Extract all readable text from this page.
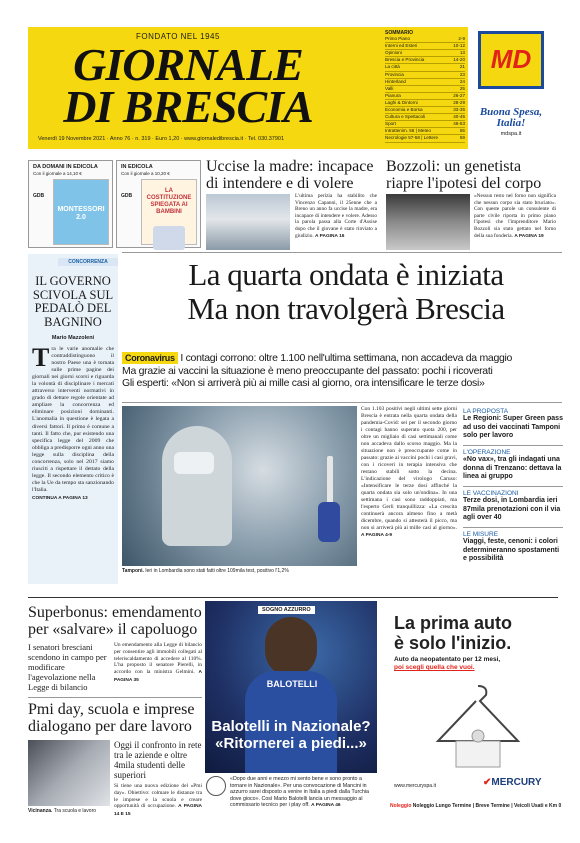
FONDATO NEL 1945
GIORNALE
DI BRESCIA
Venerdì 19 Novembre 2021 · Anno 76 · n. 319 · Euro 1,20 · www.giornaledibrescia.it · Tel. 030.37901
SOMMARIO
Primo Piano	2-9
Interni ed Esteri	10-12
Opinioni	13
Brescia e Provincia	14-20
La città	21
Provincia	23
Hinterland	24
Valli	25
Pianura	26-27
Laghi & Dintorni	28-29
Economia e Borsa	33-35
Cultura e Spettacoli	40-45
Sport	46-53
Intrattenim. 56 | Meteo	55
Necrologie 57-58 | Lettere	59
MD
Buona Spesa,
Italia!
mdspa.it
DA DOMANI IN EDICOLA
Con il giornale a 14,10 €
GDB
MONTESSORI 2.0
IN EDICOLA
Con il giornale a 10,20 €
GDB
LA COSTITUZIONE SPIEGATA AI BAMBINI
Uccise la madre: incapace di intendere e di volere
L'ultima perizia ha stabilito che Vincenzo Capanni, il 25enne che a Breno un anno fa uccise la madre, era incapace di intendere e volere. Adesso la parola passa alla Corte d'Assise dopo che il giovane è stato rinviato a giudizio. A PAGINA 16
Bozzoli: un genetista riapre l'ipotesi del corpo
«Nessun resto nel forno non significa che nessun corpo sia stato bruciato». Con queste parole un consulente di parte civile riporta in primo piano l'ipotesi che l'imprenditore Mario Bozzoli sia stato gettato nel forno della sua fonderia. A PAGINA 19
CONCORRENZA
IL GOVERNO SCIVOLA SUL PEDALÒ DEL BAGNINO
Mario Mazzoleni
Tra le varie anomalie che contraddistinguono il nostro Paese una è tornata sulle prime pagine dei giornali nei giorni scorsi e riguarda la volontà di disciplinare i mercati attraverso interventi normativi in grado di dettare regole orientate ad ampliare la concorrenza ed eliminare posizioni dominanti. L'anomalia in questione è legata a diversi fattori. Il primo è comune a tanti. Il fatto che, pur esistendo una specifica legge del 2009 che obbliga a predisporre ogni anno una legge sulla disciplina della concorrenza, solo nel 2017 siamo riusciti a rispettare il dettato della legge. Il secondo elemento critico è che la Ue da tempo sta sanzionando l'Italia.
CONTINUA A PAGINA 13
La quarta ondata è iniziata
Ma non travolgerà Brescia
Coronavirus I contagi corrono: oltre 1.100 nell'ultima settimana, non accadeva da maggio
Ma grazie ai vaccini la situazione è meno preoccupante del passato: pochi i ricoverati
Gli esperti: «Non si arriverà più ai mille casi al giorno, ora intensificare le terze dosi»
Tamponi. Ieri in Lombardia sono stati fatti oltre 109mila test, positivo l'1,2%
Con 1.103 positivi negli ultimi sette giorni Brescia è entrata nella quarta ondata della pandemia-Covid: sei per il secondo giorno i contagi hanno superato quota 200, per oltre un migliaio di casi settimanali come non accadeva dallo scorso maggio. Ma la situazione non è preoccupante come in passato: grazie ai vaccini pochi i casi gravi, con i ricoveri in terapia intensiva che restano stabili sotto la decina. L'indicazione del virologo Caruso: «Intensificare le terze dosi affinché la quarta ondata sia solo un'ondina». In una settimana i casi sono raddoppiati, ma l'esperto Gerli tranquillizza: «La crescita continuerà ancora almeno fino a metà dicembre, quando si attesterà il picco, ma non si arriverà più ai mille casi al giorno». A PAGINA 4-9
LA PROPOSTA
Le Regioni: Super Green pass ad uso dei vaccinati Tamponi solo per lavoro
L'OPERAZIONE
«No vax», tra gli indagati una donna di Trenzano: dettava la linea ai gruppo
LE VACCINAZIONI
Terze dosi, in Lombardia ieri 87mila prenotazioni con il via agli over 40
LE MISURE
Viaggi, feste, cenoni: i colori determineranno spostamenti e possibilità
Superbonus: emendamento per «salvare» il capoluogo
I senatori bresciani scendono in campo per modificare l'agevolazione nella Legge di bilancio
Un emendamento alla Legge di bilancio per consentire agli immobili collegati al teleriscaldamento di accedere al 110%. L'ha proposto il senatore Pierelli, in accordo con la ministra Gelmini. A PAGINA 35
Pmi day, scuola e imprese dialogano per dare lavoro
Vicinanza. Tra scuola e lavoro
Oggi il confronto in rete tra le aziende e oltre 4mila studenti delle superiori
Si tiene una nuova edizione del «Pmi day». Obiettivo: colmare le distanze tra le imprese e la scuola e creare opportunità di occupazione. A PAGINA 14 E 15
BALOTELLI
SOGNO AZZURRO
Balotelli in Nazionale? «Ritornerei a piedi...»
«Dopo due anni e mezzo mi sento bene e sono pronto a tornare in Nazionale». Per una convocazione di Mancini in azzurro sarei disposto a venire in Italia a piedi dalla Turchia dove gioco». Così Mario Balotelli lancia un messaggio al commissario tecnico per i play off. A PAGINA 46
La prima auto
è solo l'inizio.
Auto da neopatentato per 12 mesi,
poi scegli quella che vuoi.
www.mercuryspa.it	✔MERCURY
Noleggio Noleggio Lungo Termine | Breve Termine | Veicoli Usati e Km 0
